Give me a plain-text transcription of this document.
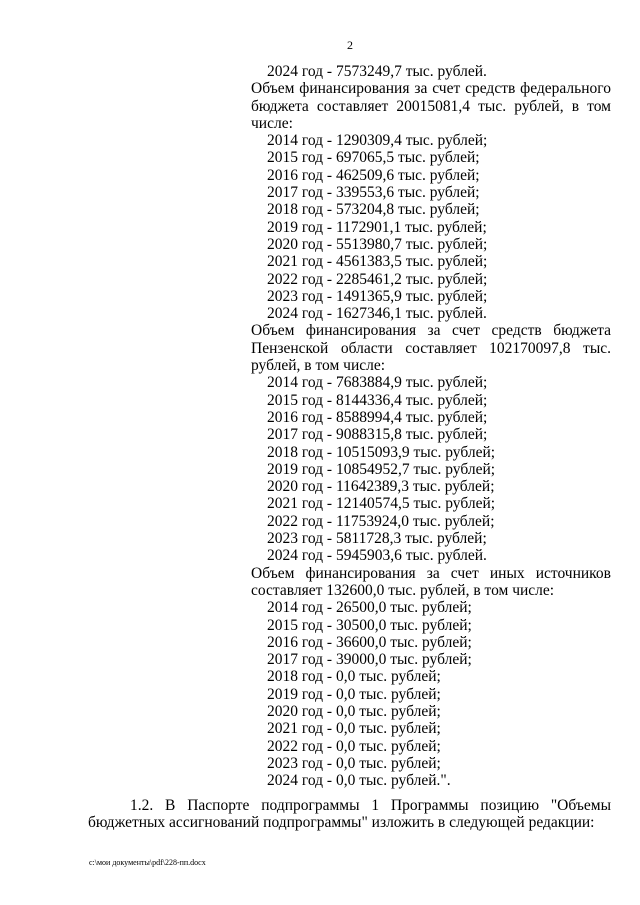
2
2024 год - 7573249,7 тыс. рублей.
Объем финансирования за счет средств федерального
бюджета составляет 20015081,4 тыс. рублей, в том
числе:
2014 год - 1290309,4 тыс. рублей;
2015 год - 697065,5 тыс. рублей;
2016 год - 462509,6 тыс. рублей;
2017 год - 339553,6 тыс. рублей;
2018 год - 573204,8 тыс. рублей;
2019 год - 1172901,1 тыс. рублей;
2020 год - 5513980,7 тыс. рублей;
2021 год - 4561383,5 тыс. рублей;
2022 год - 2285461,2 тыс. рублей;
2023 год - 1491365,9 тыс. рублей;
2024 год - 1627346,1 тыс. рублей.
Объем финансирования за счет средств бюджета
Пензенской области составляет 102170097,8 тыс.
рублей, в том числе:
2014 год - 7683884,9 тыс. рублей;
2015 год - 8144336,4 тыс. рублей;
2016 год - 8588994,4 тыс. рублей;
2017 год - 9088315,8 тыс. рублей;
2018 год - 10515093,9 тыс. рублей;
2019 год - 10854952,7 тыс. рублей;
2020 год - 11642389,3 тыс. рублей;
2021 год - 12140574,5 тыс. рублей;
2022 год - 11753924,0 тыс. рублей;
2023 год - 5811728,3 тыс. рублей;
2024 год - 5945903,6 тыс. рублей.
Объем финансирования за счет иных источников
составляет 132600,0 тыс. рублей, в том числе:
2014 год - 26500,0 тыс. рублей;
2015 год - 30500,0 тыс. рублей;
2016 год - 36600,0 тыс. рублей;
2017 год - 39000,0 тыс. рублей;
2018 год - 0,0 тыс. рублей;
2019 год - 0,0 тыс. рублей;
2020 год - 0,0 тыс. рублей;
2021 год - 0,0 тыс. рублей;
2022 год - 0,0 тыс. рублей;
2023 год - 0,0 тыс. рублей;
2024 год - 0,0 тыс. рублей.".
1.2. В Паспорте подпрограммы 1 Программы позицию "Объемы
бюджетных ассигнований подпрограммы" изложить в следующей редакции:
c:\мои документы\pdf\228-пп.docx
